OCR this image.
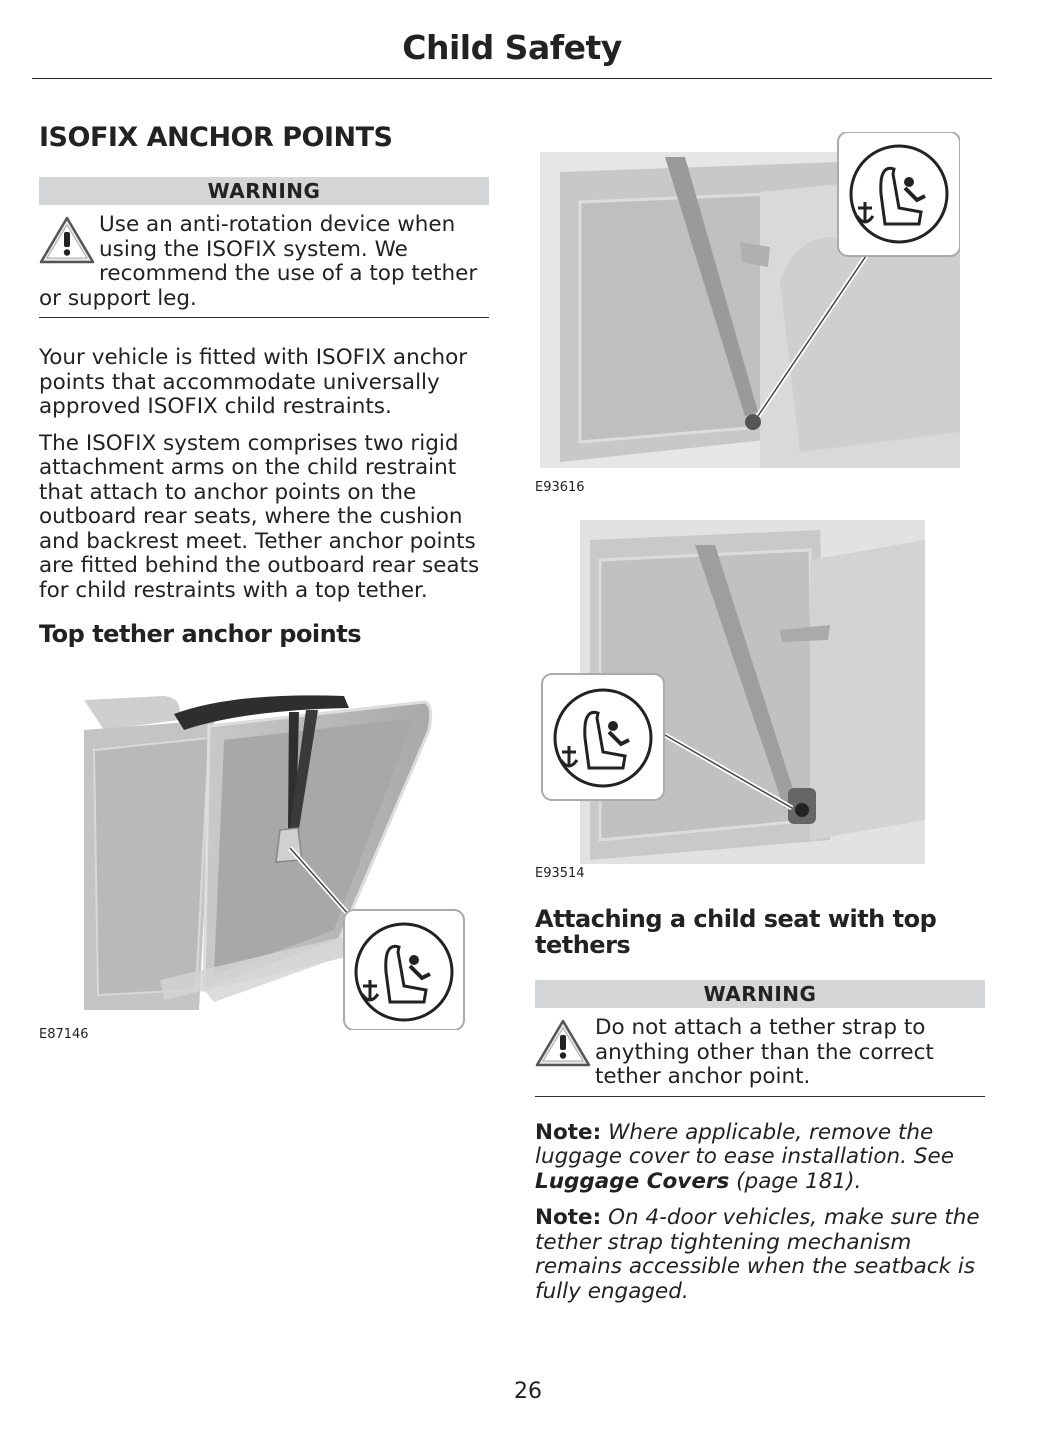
Child Safety
ISOFIX ANCHOR POINTS
WARNING
Use an anti-rotation device when using the ISOFIX system. We recommend the use of a top tether or support leg.

Your vehicle is fitted with ISOFIX anchor points that accommodate universally approved ISOFIX child restraints.

The ISOFIX system comprises two rigid attachment arms on the child restraint that attach to anchor points on the outboard rear seats, where the cushion and backrest meet. Tether anchor points are fitted behind the outboard rear seats for child restraints with a top tether.

Top tether anchor points
E87146
E93616
E93514
Attaching a child seat with top tethers
WARNING
Do not attach a tether strap to anything other than the correct tether anchor point.

Note: Where applicable, remove the luggage cover to ease installation. See Luggage Covers (page 181).

Note: On 4-door vehicles, make sure the tether strap tightening mechanism remains accessible when the seatback is fully engaged.

26
